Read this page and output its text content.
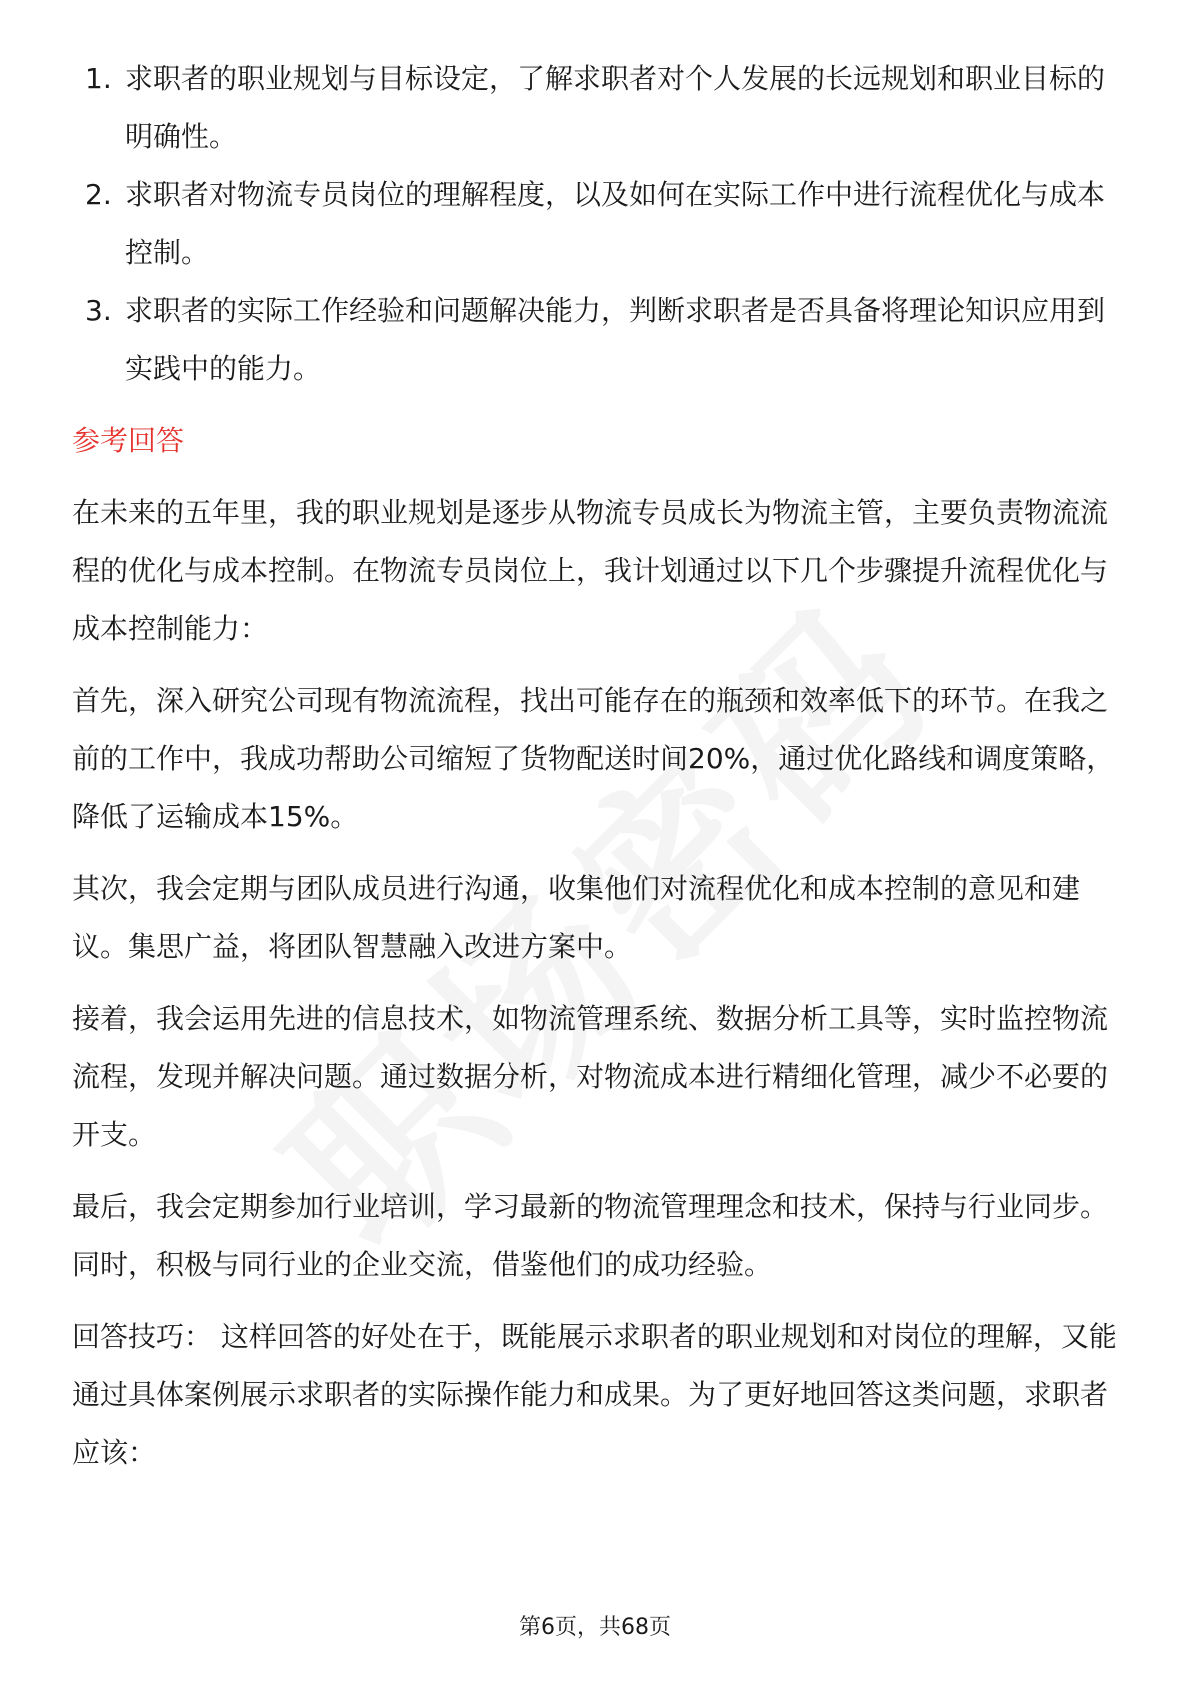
1. 求职者的职业规划与目标设定，了解求职者对个人发展的长远规划和职业目标的明确性。
2. 求职者对物流专员岗位的理解程度，以及如何在实际工作中进行流程优化与成本控制。
3. 求职者的实际工作经验和问题解决能力，判断求职者是否具备将理论知识应用到实践中的能力。
参考回答

在未来的五年里，我的职业规划是逐步从物流专员成长为物流主管，主要负责物流流程的优化与成本控制。在物流专员岗位上，我计划通过以下几个步骤提升流程优化与成本控制能力：

首先，深入研究公司现有物流流程，找出可能存在的瓶颈和效率低下的环节。在我之前的工作中，我成功帮助公司缩短了货物配送时间20%，通过优化路线和调度策略，降低了运输成本15%。

其次，我会定期与团队成员进行沟通，收集他们对流程优化和成本控制的意见和建议。集思广益，将团队智慧融入改进方案中。

接着，我会运用先进的信息技术，如物流管理系统、数据分析工具等，实时监控物流流程，发现并解决问题。通过数据分析，对物流成本进行精细化管理，减少不必要的开支。

最后，我会定期参加行业培训，学习最新的物流管理理念和技术，保持与行业同步。同时，积极与同行业的企业交流，借鉴他们的成功经验。

回答技巧： 这样回答的好处在于，既能展示求职者的职业规划和对岗位的理解，又能通过具体案例展示求职者的实际操作能力和成果。为了更好地回答这类问题，求职者应该：

第6页，共68页
